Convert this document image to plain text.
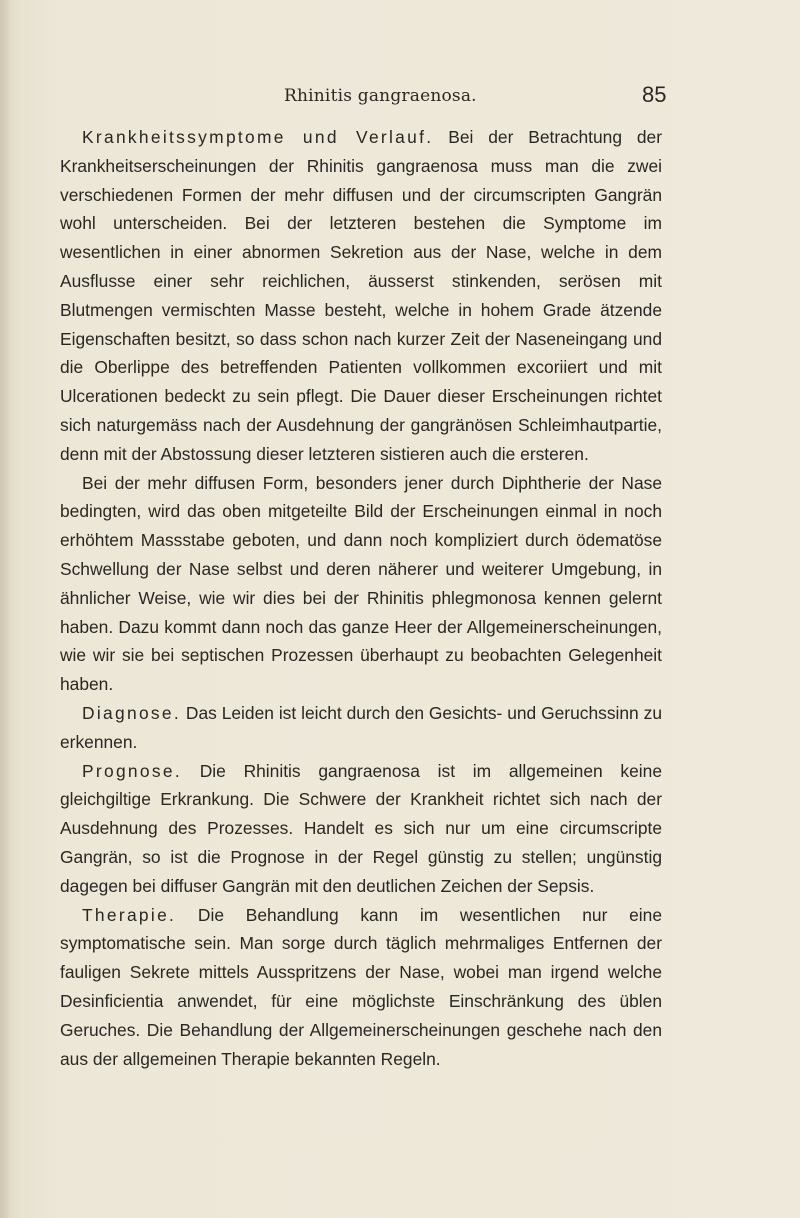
Rhinitis gangraenosa.	85

Krankheitssymptome und Verlauf. Bei der Betrachtung der Krankheitserscheinungen der Rhinitis gangraenosa muss man die zwei verschiedenen Formen der mehr diffusen und der circumscripten Gangrän wohl unterscheiden. Bei der letzteren bestehen die Symptome im wesentlichen in einer abnormen Sekretion aus der Nase, welche in dem Ausflusse einer sehr reichlichen, äusserst stinkenden, serösen mit Blutmengen vermischten Masse besteht, welche in hohem Grade ätzende Eigenschaften besitzt, so dass schon nach kurzer Zeit der Naseneingang und die Oberlippe des betreffenden Patienten vollkommen excoriiert und mit Ulcerationen bedeckt zu sein pflegt. Die Dauer dieser Erscheinungen richtet sich naturgemäss nach der Ausdehnung der gangränösen Schleimhautpartie, denn mit der Abstossung dieser letzteren sistieren auch die ersteren.

Bei der mehr diffusen Form, besonders jener durch Diphtherie der Nase bedingten, wird das oben mitgeteilte Bild der Erscheinungen einmal in noch erhöhtem Massstabe geboten, und dann noch kompliziert durch ödematöse Schwellung der Nase selbst und deren näherer und weiterer Umgebung, in ähnlicher Weise, wie wir dies bei der Rhinitis phlegmonosa kennen gelernt haben. Dazu kommt dann noch das ganze Heer der Allgemeinerscheinungen, wie wir sie bei septischen Prozessen überhaupt zu beobachten Gelegenheit haben.

Diagnose. Das Leiden ist leicht durch den Gesichts- und Geruchssinn zu erkennen.

Prognose. Die Rhinitis gangraenosa ist im allgemeinen keine gleichgiltige Erkrankung. Die Schwere der Krankheit richtet sich nach der Ausdehnung des Prozesses. Handelt es sich nur um eine circumscripte Gangrän, so ist die Prognose in der Regel günstig zu stellen; ungünstig dagegen bei diffuser Gangrän mit den deutlichen Zeichen der Sepsis.

Therapie. Die Behandlung kann im wesentlichen nur eine symptomatische sein. Man sorge durch täglich mehrmaliges Entfernen der fauligen Sekrete mittels Ausspritzens der Nase, wobei man irgend welche Desinficientia anwendet, für eine möglichste Einschränkung des üblen Geruches. Die Behandlung der Allgemeinerscheinungen geschehe nach den aus der allgemeinen Therapie bekannten Regeln.
